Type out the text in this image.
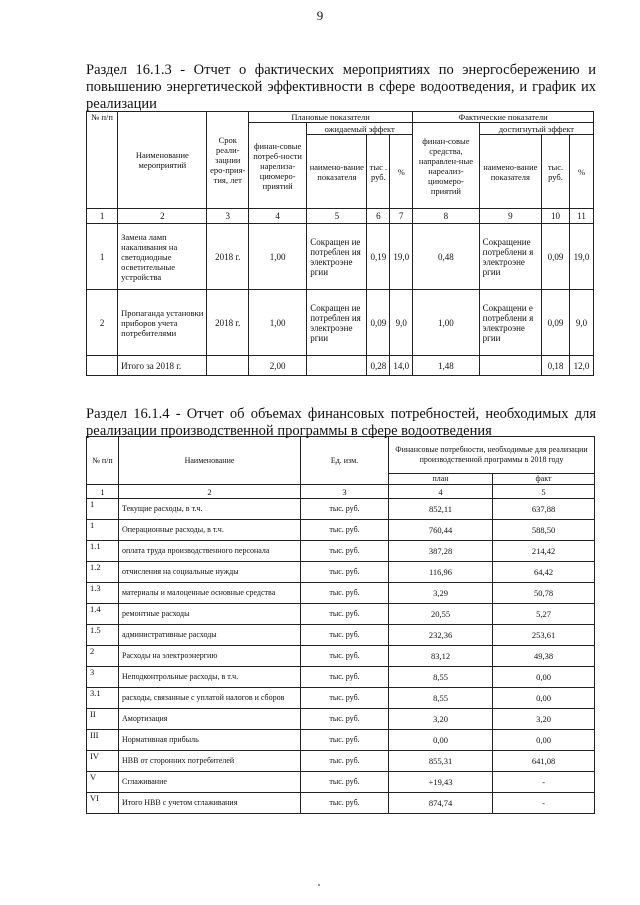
9
Раздел 16.1.3 - Отчет о фактических мероприятиях по энергосбережению и повышению энергетической эффективности в сфере водоотведения, и график их реализации
№ п/п	Наименование мероприятий	Срок реали-зацнии еро-прия-тия, лет	Плановые показатели				Фактические показатели			
			финан-совые потреб-ности нарелиза-циюмеро-приятий	ожидаемый эффект			финан-совые средства, направлен-ные нареализ-циюмеро-приятий	достигнутый эффект		
				наимено-вание показателя	тыс . руб.	%		наимено-вание показателя	тыс. руб.	%
1	2	3	4	5	6	7	8	9	10	11
1	Замена ламп накаливания на светодиодные осветительные устройства	2018 г.	1,00	Сокращен ие потреблен ия электроэне ргии	0,19	19,0	0,48	Сокращение потреблени я электроэне ргии	0,09	19,0
2	Пропаганда установки приборов учета потребителями	2018 г.	1,00	Сокращен ие потреблен ия электроэне ргии	0,09	9,0	1,00	Сокращени е потреблени я электроэне ргии	0,09	9,0
	Итого за 2018 г.		2,00		0,28	14,0	1,48		0,18	12,0
Раздел 16.1.4 - Отчет об объемах финансовых потребностей, необходимых для реализации производственной программы в сфере водоотведения
№ п/п	Наименование	Ед. изм.	Финансовые потребности, необходимые для реализации производственной программы в 2018 году	
			план	факт
1	2	3	4	5
1	Текущие расходы, в т.ч.	тыс. руб.	852,11	637,88
1	Операционные расходы, в т.ч.	тыс. руб.	760,44	588,50
1.1	оплата труда производственного персонала	тыс. руб.	387,28	214,42
1.2	отчисления на социальные нужды	тыс. руб.	116,96	64,42
1.3	материалы и малоценные основные средства	тыс. руб.	3,29	50,78
1.4	ремонтные расходы	тыс. руб.	20,55	5,27
1.5	административные расходы	тыс. руб.	232,36	253,61
2	Расходы на электроэнергию	тыс. руб.	83,12	49,38
3	Неподконтрольные расходы, в т.ч.	тыс. руб.	8,55	0,00
3.1	расходы, связанные с уплатой налогов и сборов	тыс. руб.	8,55	0,00
II	Амортизация	тыс. руб.	3,20	3,20
III	Нормативная прибыль	тыс. руб.	0,00	0,00
IV	НВВ от сторонних потребителей	тыс. руб.	855,31	641,08
V	Сглаживание	тыс. руб.	+19,43	-
VI	Итого НВВ с учетом сглаживания	тыс. руб.	874,74	-
